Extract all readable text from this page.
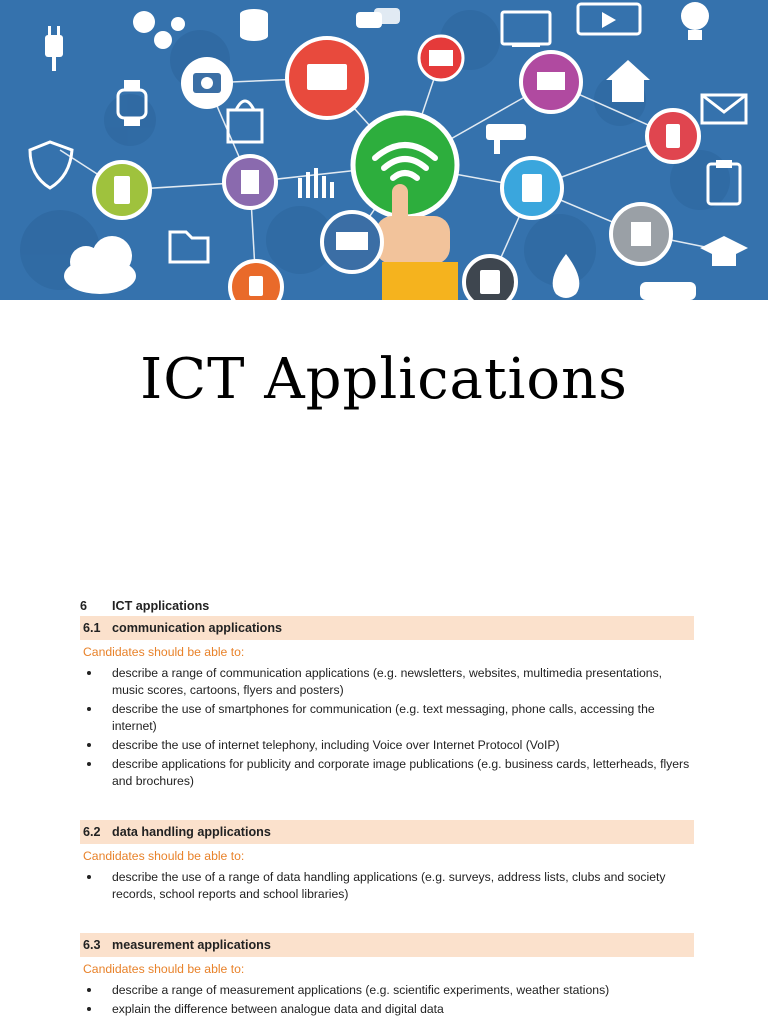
ICT Applications
6	ICT applications
6.1 communication applications
Candidates should be able to:
describe a range of communication applications (e.g. newsletters, websites, multimedia presentations, music scores, cartoons, flyers and posters)
describe the use of smartphones for communication (e.g. text messaging, phone calls, accessing the internet)
describe the use of internet telephony, including Voice over Internet Protocol (VoIP)
describe applications for publicity and corporate image publications (e.g. business cards, letterheads, flyers and brochures)
6.2 data handling applications
Candidates should be able to:
describe the use of a range of data handling applications (e.g. surveys, address lists, clubs and society records, school reports and school libraries)
6.3 measurement applications
Candidates should be able to:
describe a range of measurement applications (e.g. scientific experiments, weather stations)
explain the difference between analogue data and digital data
